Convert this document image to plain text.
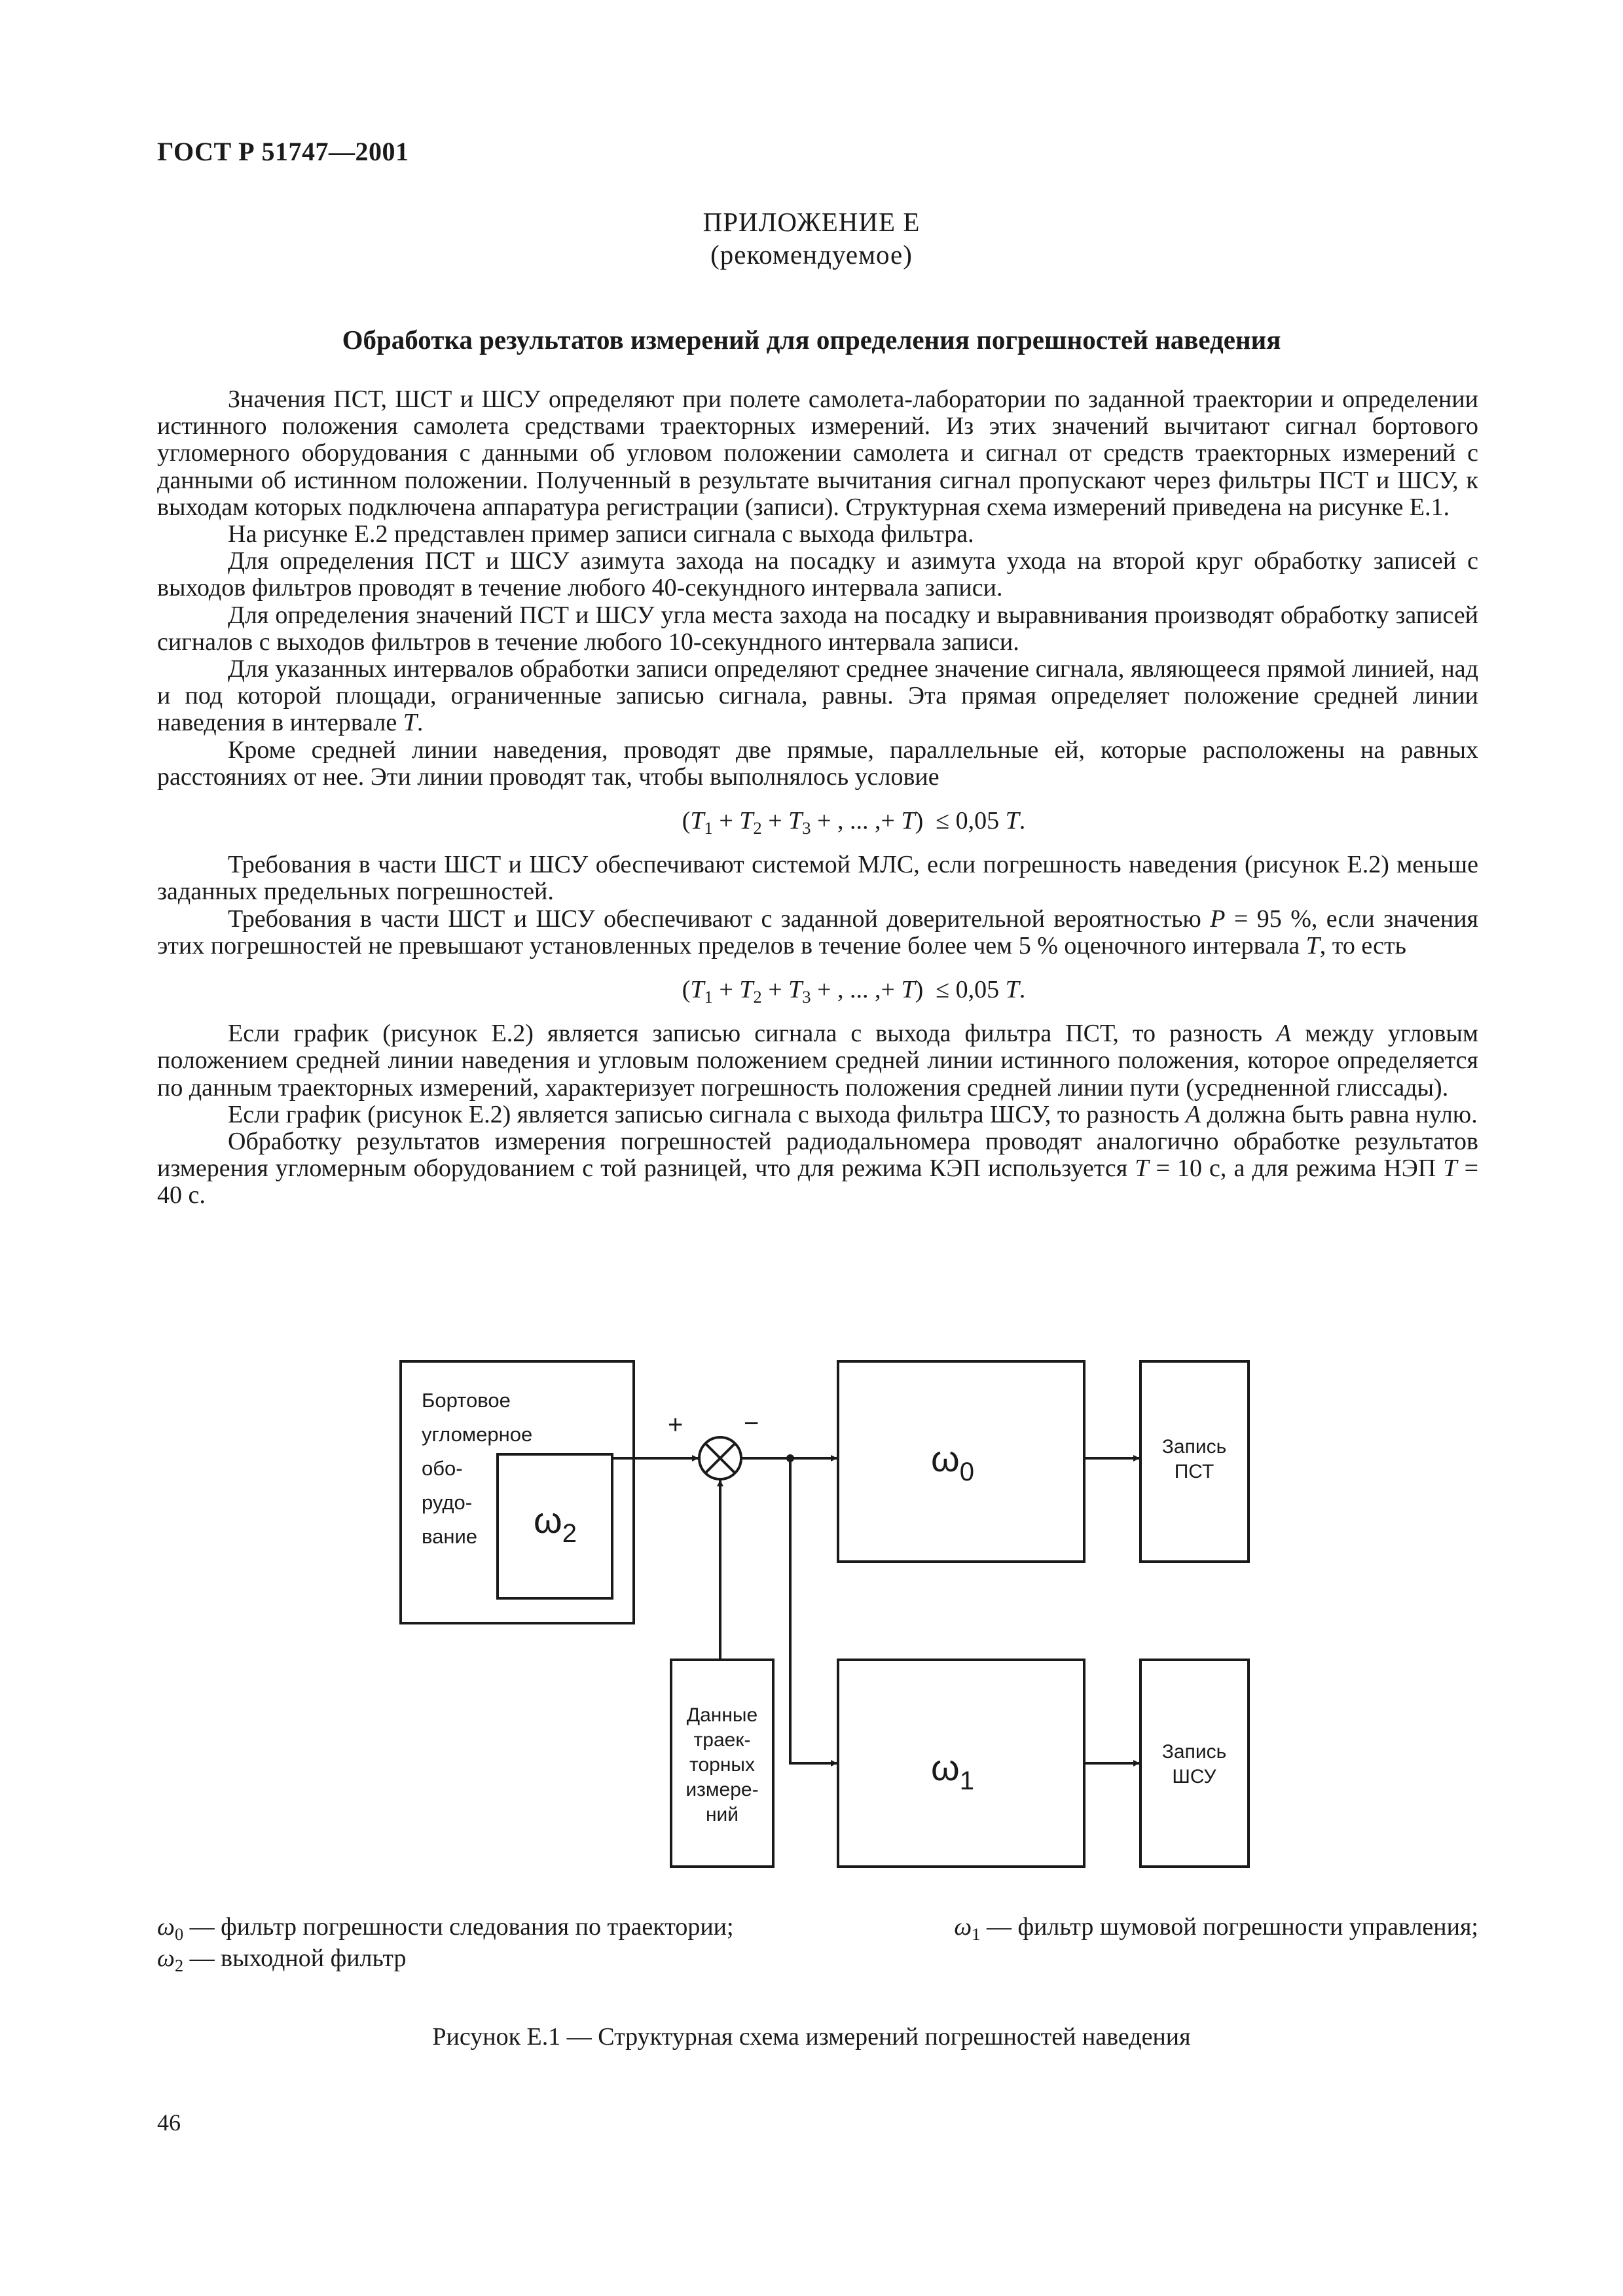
ГОСТ Р 51747—2001
ПРИЛОЖЕНИЕ Е
(рекомендуемое)
Обработка результатов измерений для определения погрешностей наведения

Значения ПСТ, ШСТ и ШСУ определяют при полете самолета-лаборатории по заданной траектории и определении истинного положения самолета средствами траекторных измерений. Из этих значений вычитают сигнал бортового угломерного оборудования с данными об угловом положении самолета и сигнал от средств траекторных измерений с данными об истинном положении. Полученный в результате вычитания сигнал пропускают через фильтры ПСТ и ШСУ, к выходам которых подключена аппаратура регистрации (записи). Структурная схема измерений приведена на рисунке Е.1.

На рисунке Е.2 представлен пример записи сигнала с выхода фильтра.

Для определения ПСТ и ШСУ азимута захода на посадку и азимута ухода на второй круг обработку записей с выходов фильтров проводят в течение любого 40-секундного интервала записи.

Для определения значений ПСТ и ШСУ угла места захода на посадку и выравнивания производят обработку записей сигналов с выходов фильтров в течение любого 10-секундного интервала записи.

Для указанных интервалов обработки записи определяют среднее значение сигнала, являющееся прямой линией, над и под которой площади, ограниченные записью сигнала, равны. Эта прямая определяет положение средней линии наведения в интервале T.

Кроме средней линии наведения, проводят две прямые, параллельные ей, которые расположены на равных расстояниях от нее. Эти линии проводят так, чтобы выполнялось условие

($T_1 + T_2 + T_3$ + , ... ,+ T) ≤ 0,05 T.

Требования в части ШСТ и ШСУ обеспечивают системой МЛС, если погрешность наведения (рисунок Е.2) меньше заданных предельных погрешностей.

Требования в части ШСТ и ШСУ обеспечивают с заданной доверительной вероятностью P = 95 %, если значения этих погрешностей не превышают установленных пределов в течение более чем 5 % оценочного интервала T, то есть

($T_1 + T_2 + T_3$ + , ... ,+ T) ≤ 0,05 T.

Если график (рисунок Е.2) является записью сигнала с выхода фильтра ПСТ, то разность A между угловым положением средней линии наведения и угловым положением средней линии истинного положения, которое определяется по данным траекторных измерений, характеризует погрешность положения средней линии пути (усредненной глиссады).

Если график (рисунок Е.2) является записью сигнала с выхода фильтра ШСУ, то разность A должна быть равна нулю.

Обработку результатов измерения погрешностей радиодальномера проводят аналогично обработке результатов измерения угломерным оборудованием с той разницей, что для режима КЭП используется T = 10 с, а для режима НЭП T = 40 с.

Бортовое
угломерное
обо-
рудо-
вание $\omega_2$
$\omega_0$
$\omega_1$
+ −
Запись
ПСТ
Запись
ШСУ
Данные
траек-
торных
измере-
ний
$\omega_0$ — фильтр погрешности следования по траектории;	$\omega_1$ — фильтр шумовой погрешности управления;
$\omega_2$ — выходной фильтр
Рисунок Е.1 — Структурная схема измерений погрешностей наведения
46
